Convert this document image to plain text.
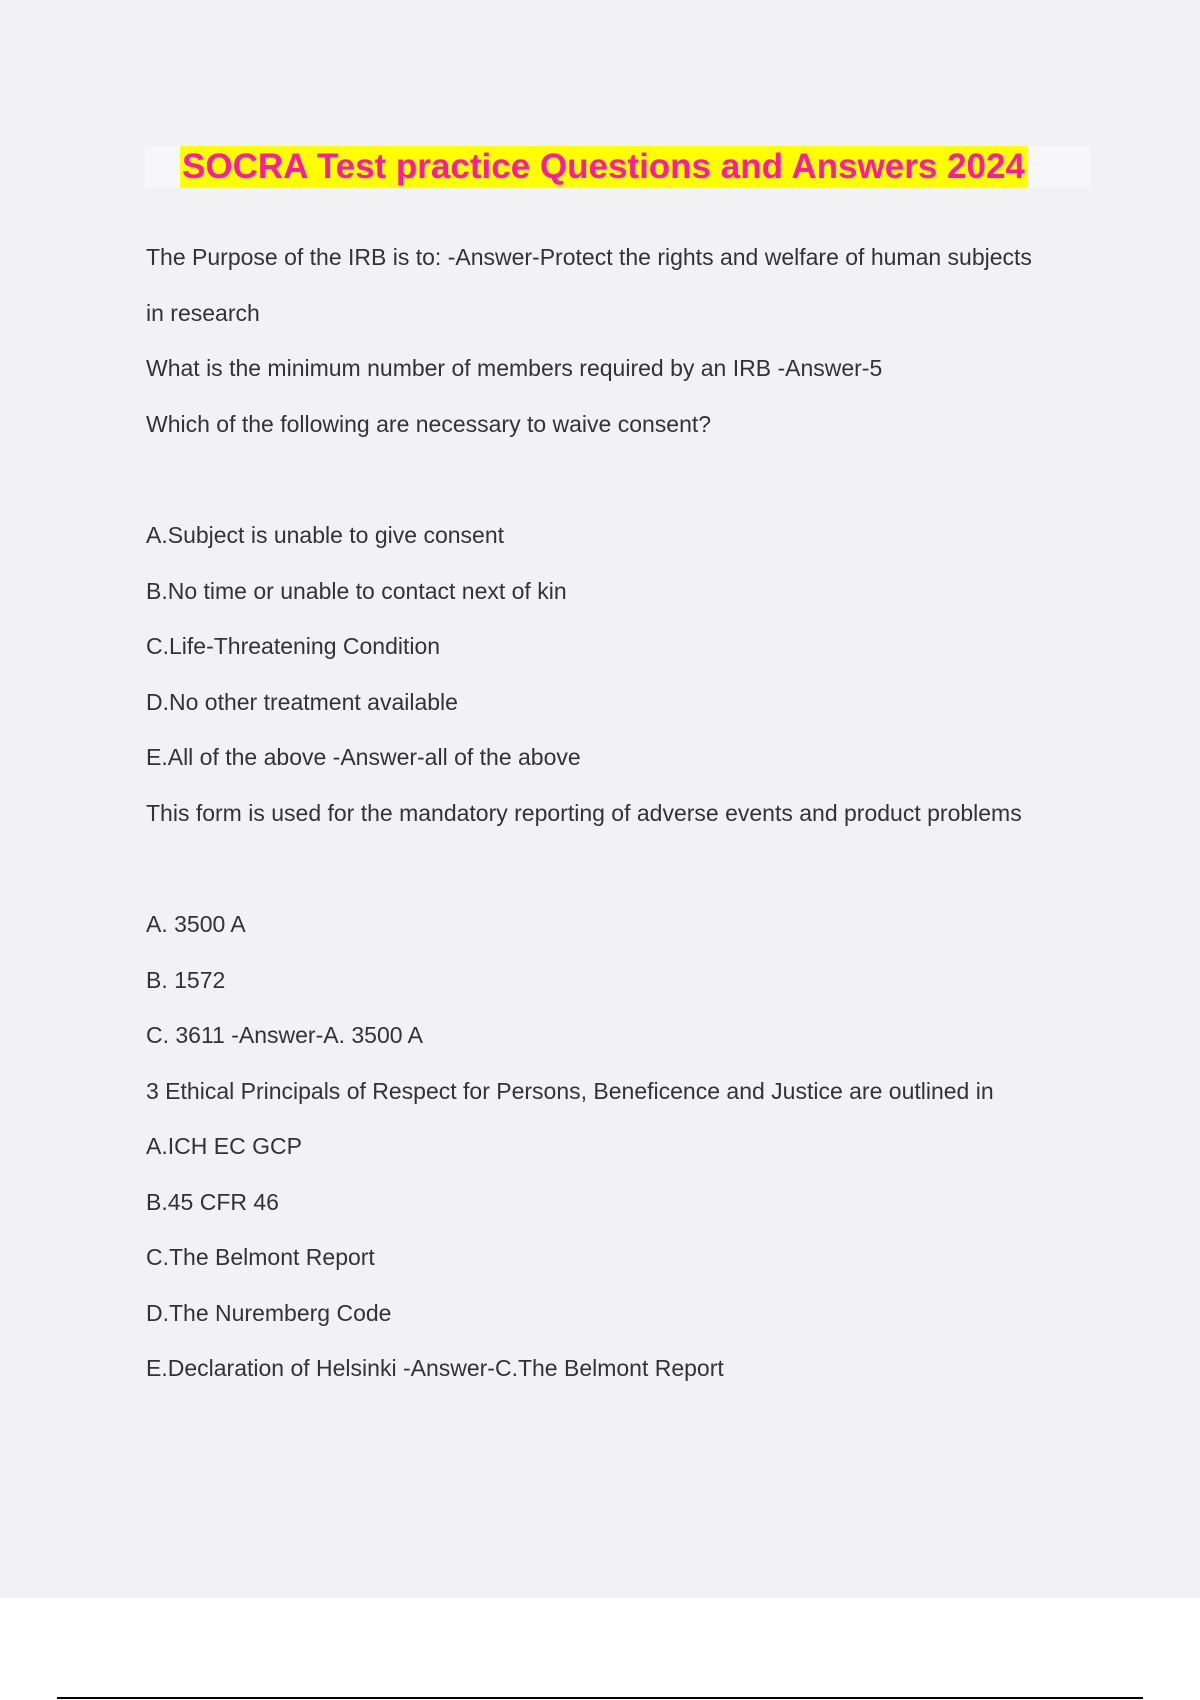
SOCRA Test practice Questions and Answers 2024
The Purpose of the IRB is to: -Answer-Protect the rights and welfare of human subjects
in research
What is the minimum number of members required by an IRB -Answer-5
Which of the following are necessary to waive consent?
A.Subject is unable to give consent
B.No time or unable to contact next of kin
C.Life-Threatening Condition
D.No other treatment available
E.All of the above -Answer-all of the above
This form is used for the mandatory reporting of adverse events and product problems
A. 3500 A
B. 1572
C. 3611 -Answer-A. 3500 A
3 Ethical Principals of Respect for Persons, Beneficence and Justice are outlined in
A.ICH EC GCP
B.45 CFR 46
C.The Belmont Report
D.The Nuremberg Code
E.Declaration of Helsinki -Answer-C.The Belmont Report
